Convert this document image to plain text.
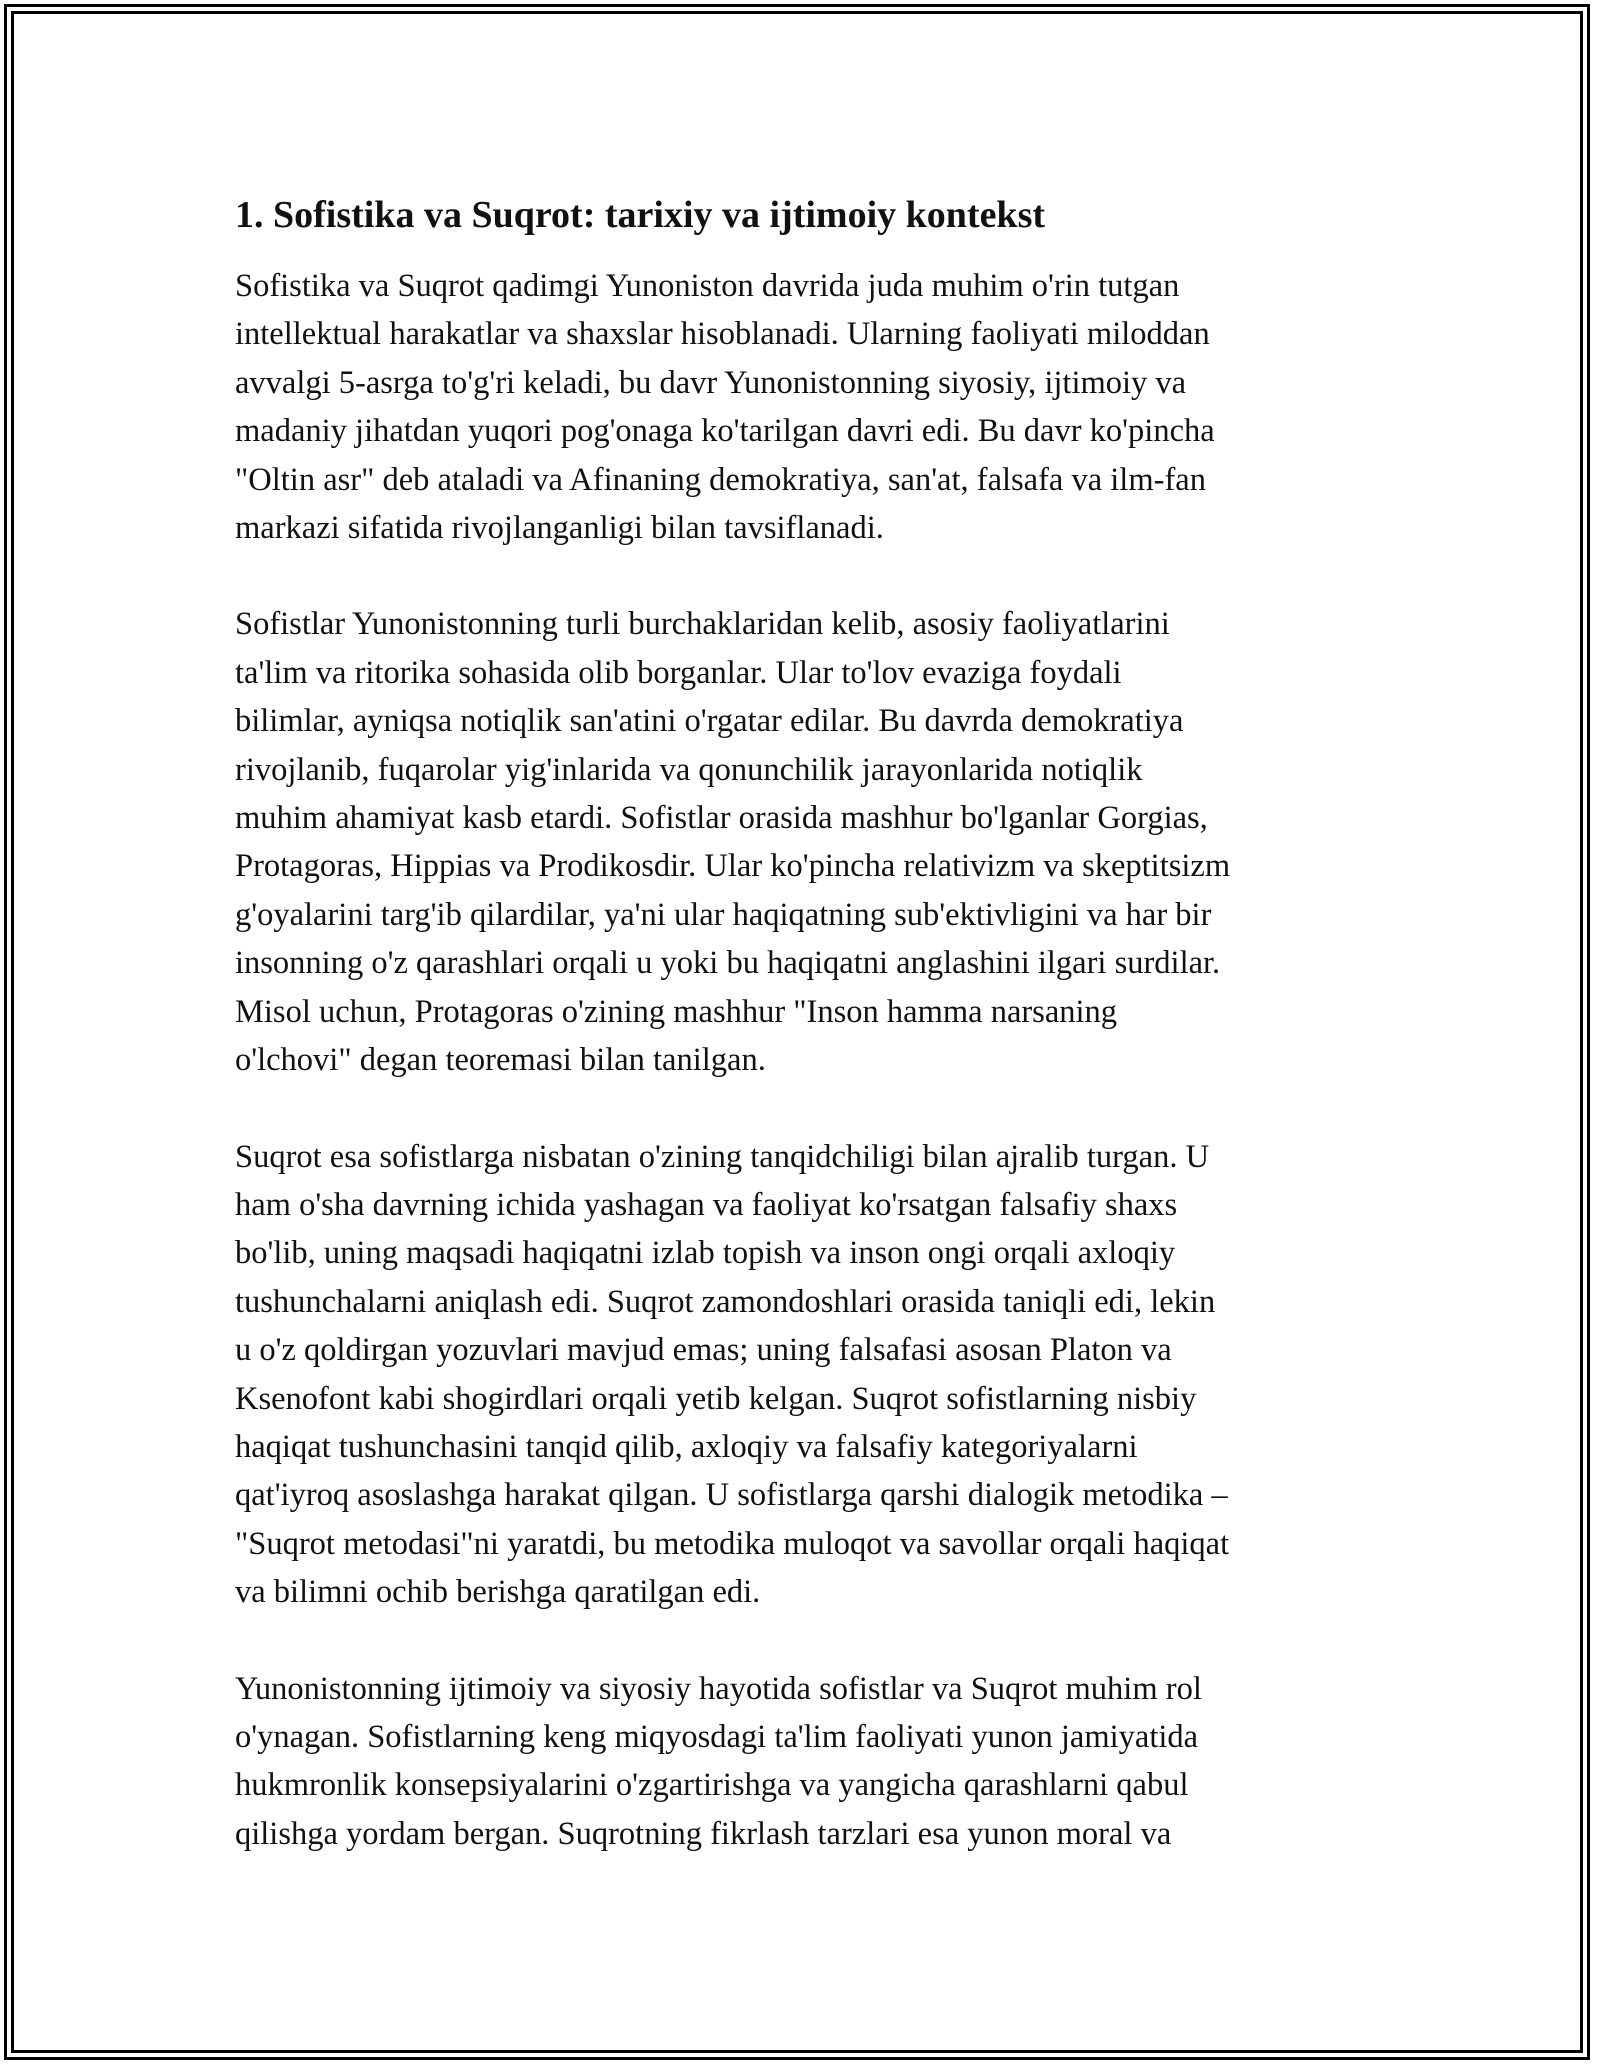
1. Sofistika va Suqrot: tarixiy va ijtimoiy kontekst

Sofistika va Suqrot qadimgi Yunoniston davrida juda muhim o'rin tutgan
intellektual harakatlar va shaxslar hisoblanadi. Ularning faoliyati miloddan
avvalgi 5-asrga to'g'ri keladi, bu davr Yunonistonning siyosiy, ijtimoiy va
madaniy jihatdan yuqori pog'onaga ko'tarilgan davri edi. Bu davr ko'pincha
"Oltin asr" deb ataladi va Afinaning demokratiya, san'at, falsafa va ilm-fan
markazi sifatida rivojlanganligi bilan tavsiflanadi.

Sofistlar Yunonistonning turli burchaklaridan kelib, asosiy faoliyatlarini
ta'lim va ritorika sohasida olib borganlar. Ular to'lov evaziga foydali
bilimlar, ayniqsa notiqlik san'atini o'rgatar edilar. Bu davrda demokratiya
rivojlanib, fuqarolar yig'inlarida va qonunchilik jarayonlarida notiqlik
muhim ahamiyat kasb etardi. Sofistlar orasida mashhur bo'lganlar Gorgias,
Protagoras, Hippias va Prodikosdir. Ular ko'pincha relativizm va skeptitsizm
g'oyalarini targ'ib qilardilar, ya'ni ular haqiqatning sub'ektivligini va har bir
insonning o'z qarashlari orqali u yoki bu haqiqatni anglashini ilgari surdilar.
Misol uchun, Protagoras o'zining mashhur "Inson hamma narsaning
o'lchovi" degan teoremasi bilan tanilgan.

Suqrot esa sofistlarga nisbatan o'zining tanqidchiligi bilan ajralib turgan. U
ham o'sha davrning ichida yashagan va faoliyat ko'rsatgan falsafiy shaxs
bo'lib, uning maqsadi haqiqatni izlab topish va inson ongi orqali axloqiy
tushunchalarni aniqlash edi. Suqrot zamondoshlari orasida taniqli edi, lekin
u o'z qoldirgan yozuvlari mavjud emas; uning falsafasi asosan Platon va
Ksenofont kabi shogirdlari orqali yetib kelgan. Suqrot sofistlarning nisbiy
haqiqat tushunchasini tanqid qilib, axloqiy va falsafiy kategoriyalarni
qat'iyroq asoslashga harakat qilgan. U sofistlarga qarshi dialogik metodika –
"Suqrot metodasi"ni yaratdi, bu metodika muloqot va savollar orqali haqiqat
va bilimni ochib berishga qaratilgan edi.

Yunonistonning ijtimoiy va siyosiy hayotida sofistlar va Suqrot muhim rol
o'ynagan. Sofistlarning keng miqyosdagi ta'lim faoliyati yunon jamiyatida
hukmronlik konsepsiyalarini o'zgartirishga va yangicha qarashlarni qabul
qilishga yordam bergan. Suqrotning fikrlash tarzlari esa yunon moral va
